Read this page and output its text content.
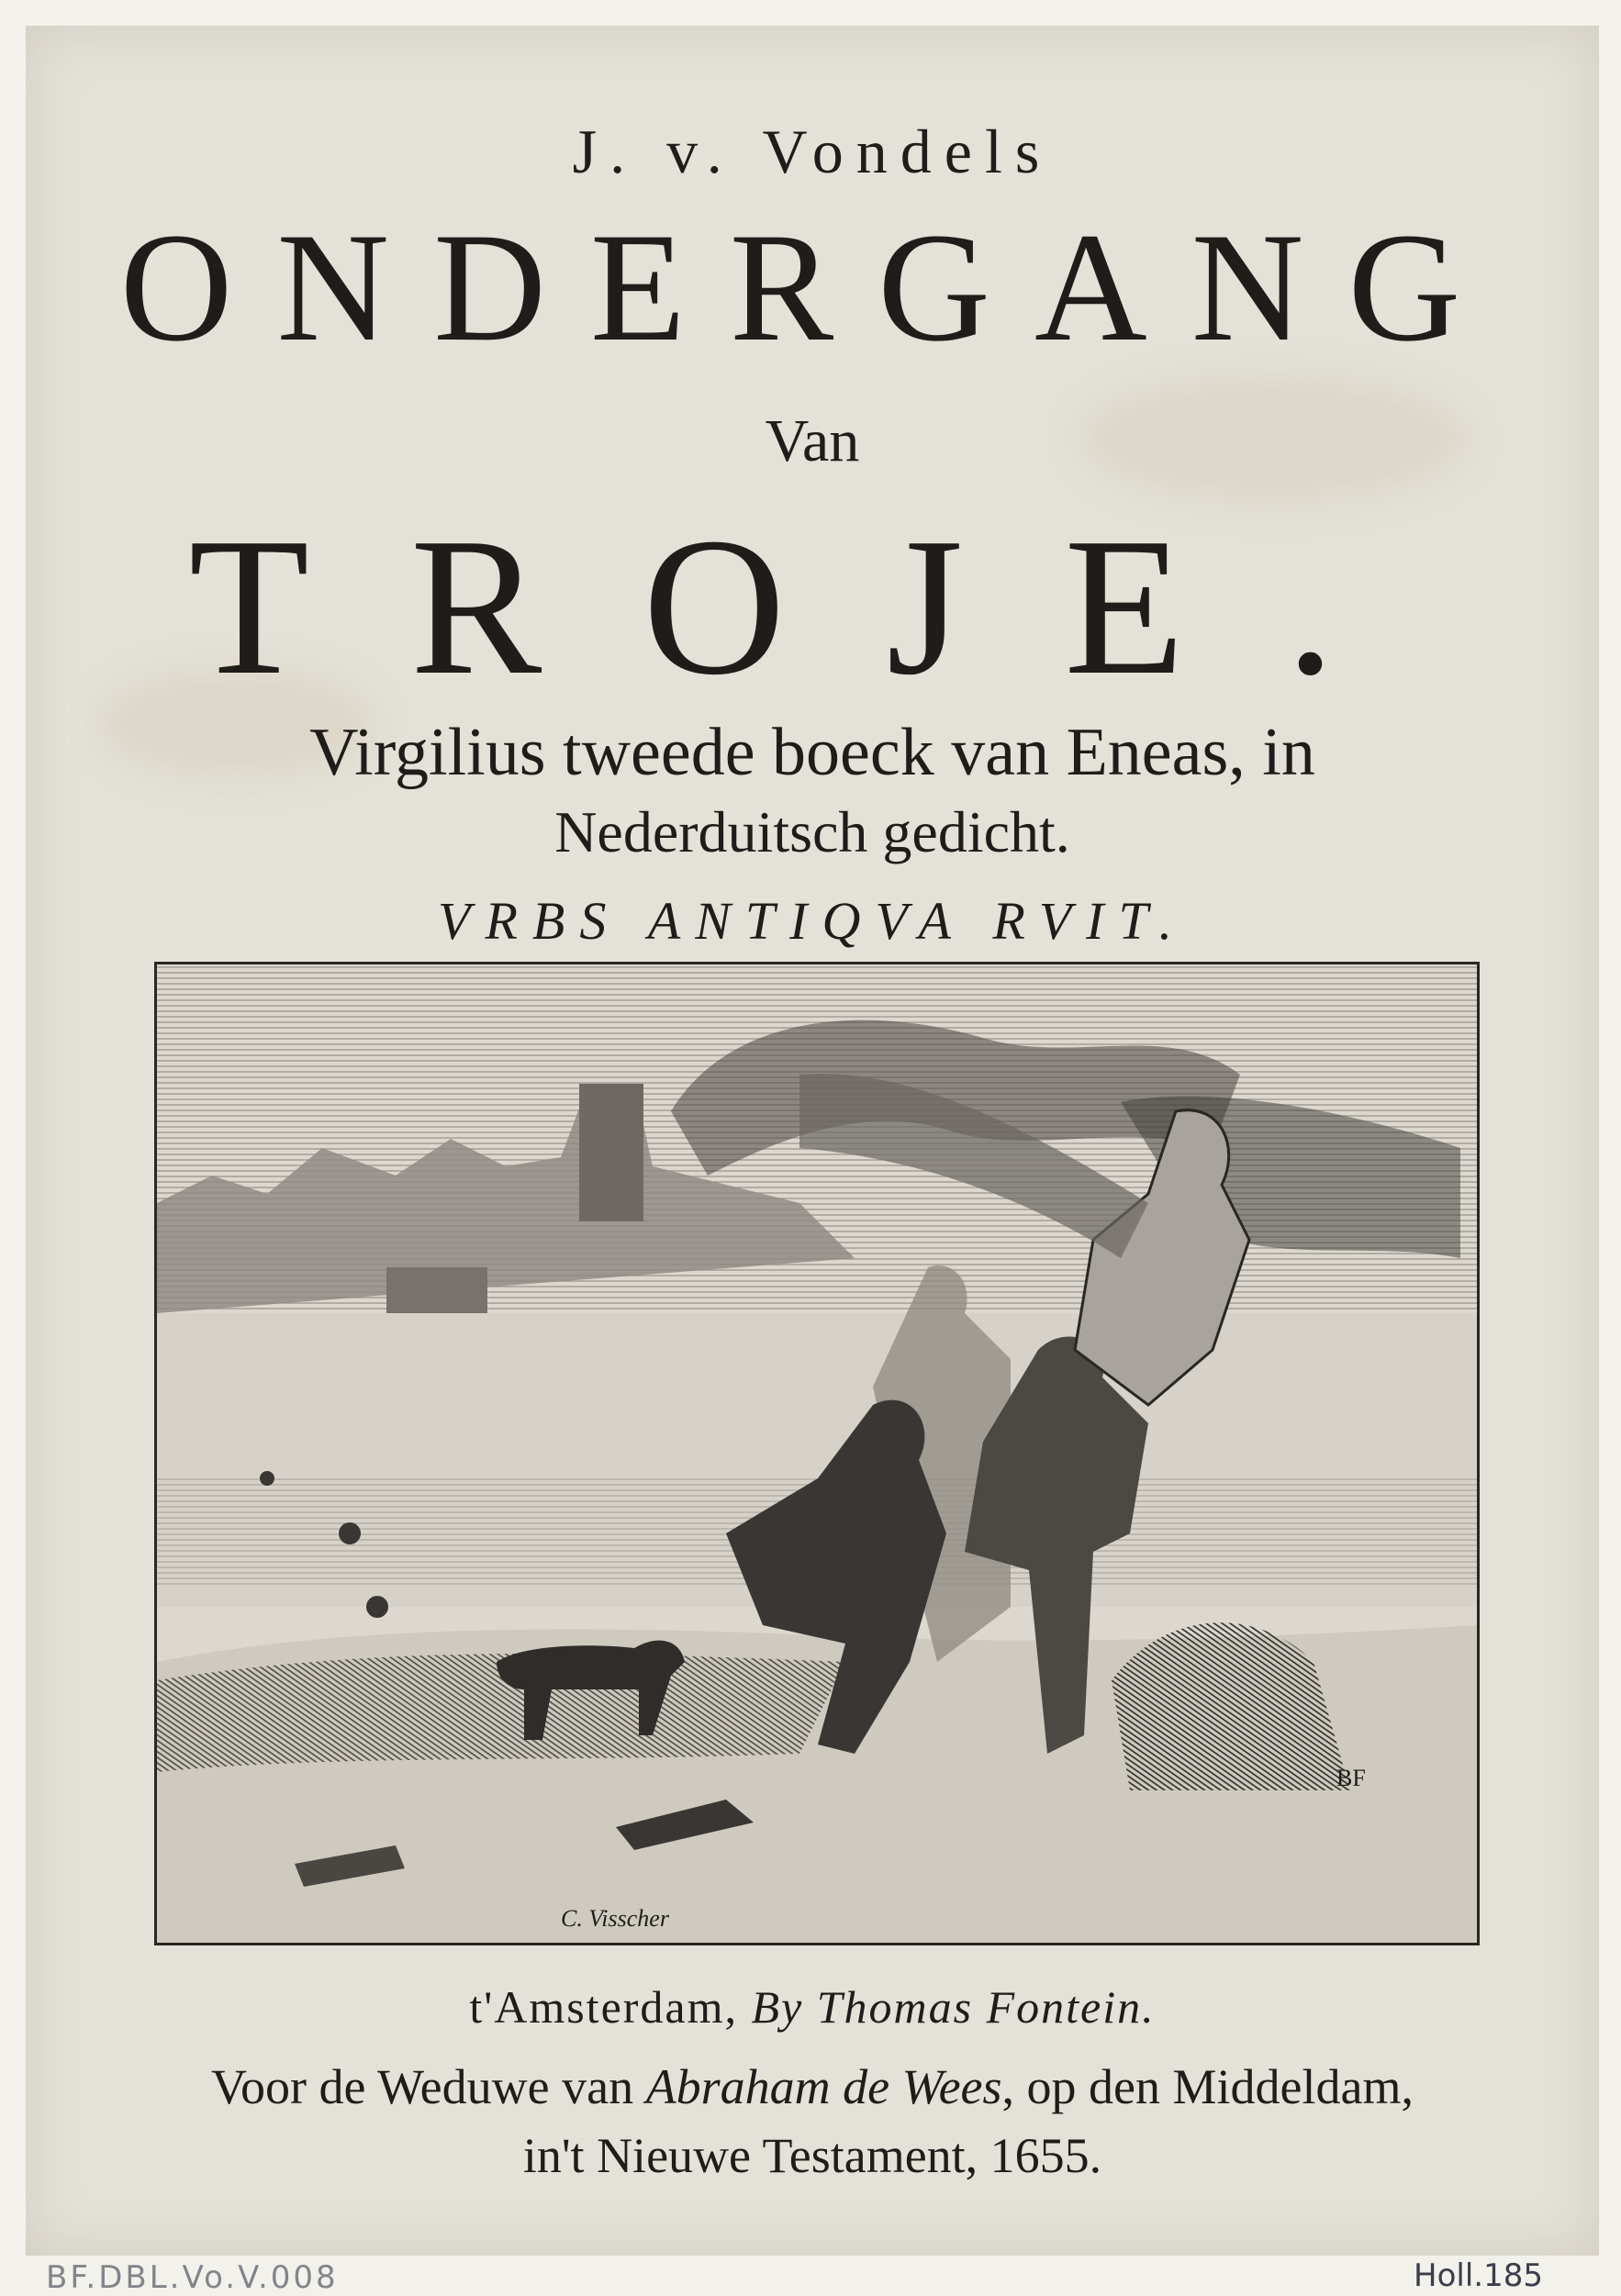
J. v. Vondels
ONDERGANG
Van
TROJE.
Virgilius tweede boeck van Eneas, in
Nederduitsch gedicht.
VRBS ANTIQVA RVIT.
C. Visscher
BF
t'Amsterdam, By Thomas Fontein.
Voor de Weduwe van Abraham de Wees, op den Middeldam,
in't Nieuwe Testament, 1655.
BF.DBL.Vo.V.008	Holl.185
